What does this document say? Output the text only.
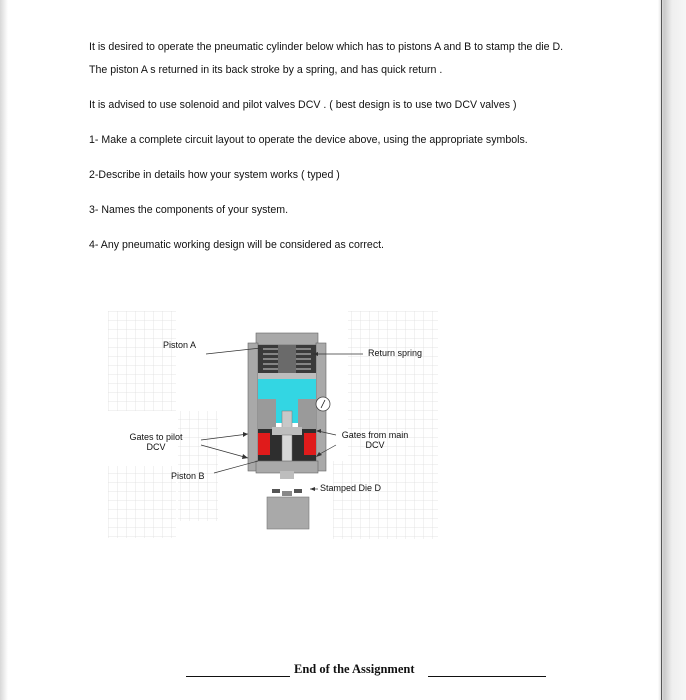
It is desired to operate the pneumatic cylinder below which has to pistons A and B to stamp the die D.
The piston A s returned in its back stroke by a spring, and has quick return .
It is advised to use solenoid and pilot valves DCV . ( best design is to use two DCV valves )
1- Make a complete circuit layout to operate the device above, using the appropriate symbols.
2-Describe in details how your system works ( typed )
3- Names the components of your system.
4- Any pneumatic working design will be considered as correct.
Piston A
Return spring
Gates to pilot
DCV
Gates from main
DCV
Piston B
Stamped Die D
End of the Assignment
